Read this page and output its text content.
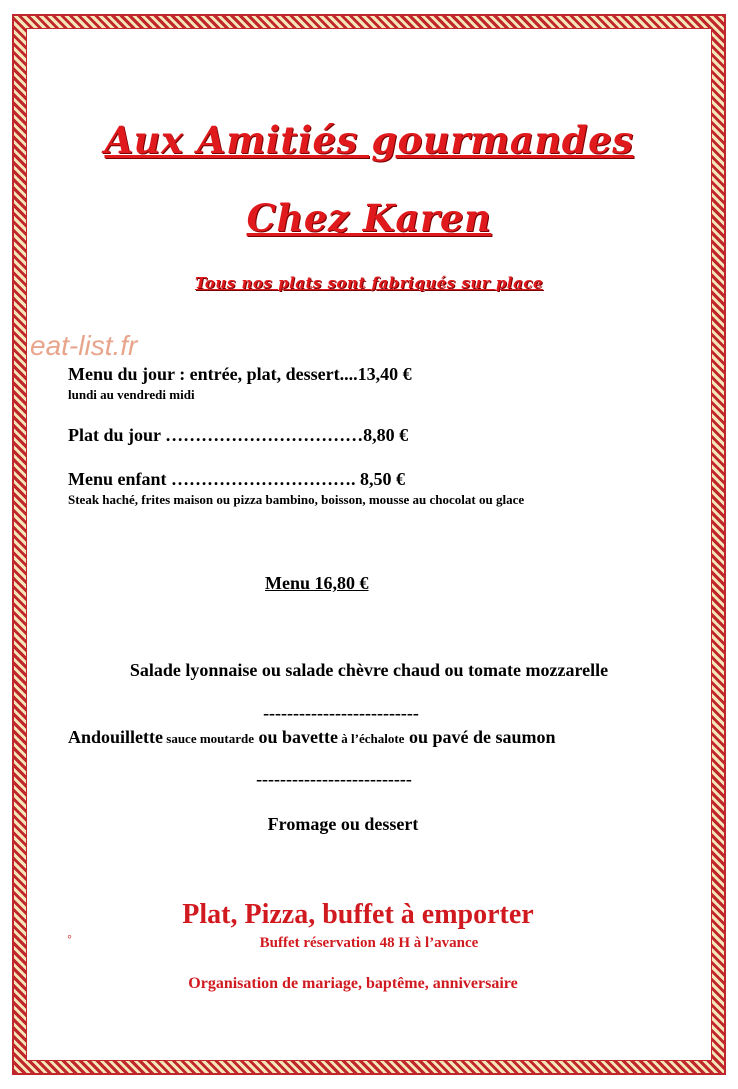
Aux Amitiés gourmandes
Chez Karen
Tous nos plats sont fabriqués sur place
eat-list.fr
Menu du jour : entrée, plat, dessert....13,40 €
lundi au vendredi midi
Plat du jour ……………………………8,80 €
Menu enfant …………………………. 8,50 €
Steak haché, frites maison ou pizza bambino, boisson, mousse au chocolat ou glace
Menu 16,80 €
Salade lyonnaise ou salade chèvre chaud ou tomate mozzarelle
--------------------------
Andouillette sauce moutarde ou bavette à l’échalote ou pavé de saumon
--------------------------
Fromage ou dessert
Plat, Pizza, buffet à emporter
◦	Buffet réservation 48 H à l’avance
Organisation de mariage, baptême, anniversaire
